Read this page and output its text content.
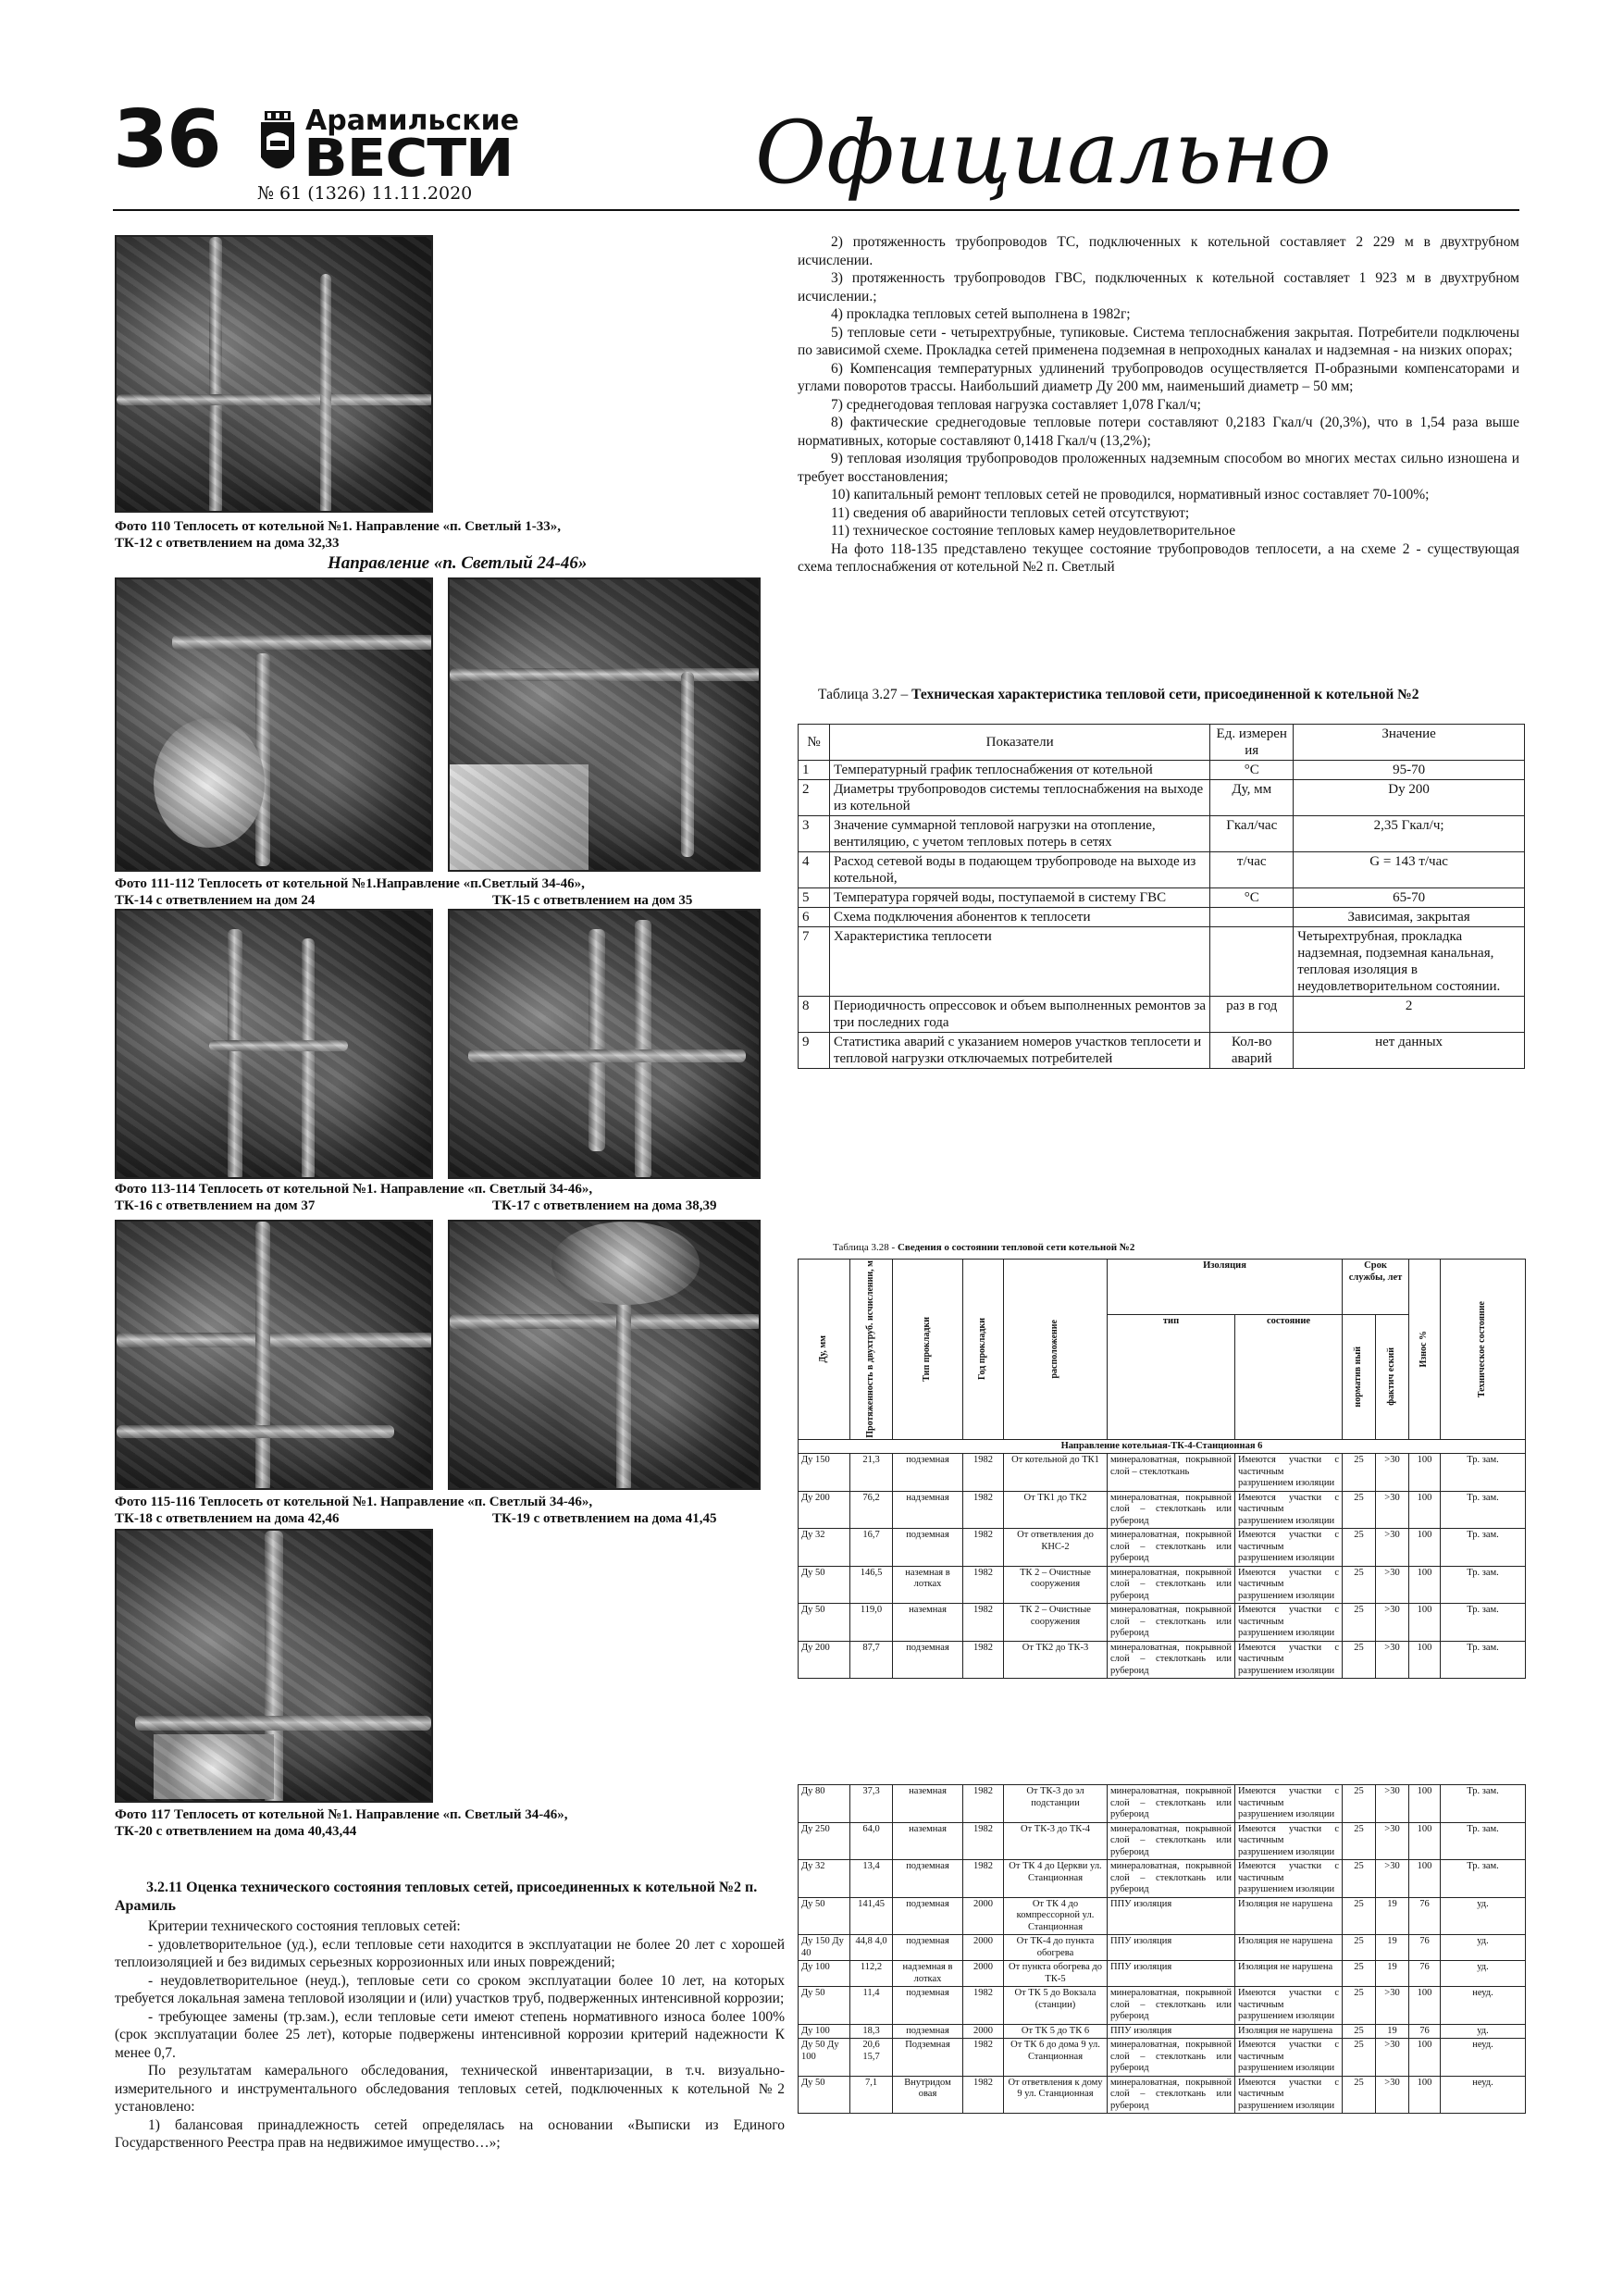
36	Арамильские
ВЕСТИ
№ 61 (1326) 11.11.2020	Официально
Фото 110 Теплосеть от котельной №1. Направление «п. Светлый 1-33»,
ТК-12 с ответвлением на дома 32,33
Направление «п. Светлый 24-46»
Фото 111-112 Теплосеть от котельной №1.Направление «п.Светлый 34-46»,
ТК-14 с ответвлением на дом 24	ТК-15 с ответвлением на дом 35
Фото 113-114 Теплосеть от котельной №1. Направление «п. Светлый 34-46»,
ТК-16 с ответвлением на дом 37	ТК-17 с ответвлением на дома 38,39
Фото 115-116 Теплосеть от котельной №1. Направление «п. Светлый 34-46»,
ТК-18 с ответвлением на дома 42,46	ТК-19 с ответвлением на дома 41,45
Фото 117 Теплосеть от котельной №1. Направление «п. Светлый 34-46»,
ТК-20 с ответвлением на дома 40,43,44
3.2.11 Оценка технического состояния тепловых сетей, присоединенных к котельной №2 п. Арамиль

Критерии технического состояния тепловых сетей:

- удовлетворительное (уд.), если тепловые сети находится в эксплуатации не более 20 лет с хорошей теплоизоляцией и без видимых серьезных коррозионных или иных повреждений;

- неудовлетворительное (неуд.), тепловые сети со сроком эксплуатации более 10 лет, на которых требуется локальная замена тепловой изоляции и (или) участков труб, подверженных интенсивной коррозии;

- требующее замены (тр.зам.), если тепловые сети имеют степень нормативного износа более 100% (срок эксплуатации более 25 лет), которые подвержены интенсивной коррозии критерий надежности К менее 0,7.

По результатам камерального обследования, технической инвентаризации, в т.ч. визуально-измерительного и инструментального обследования тепловых сетей, подключенных к котельной №2 установлено:

1) балансовая принадлежность сетей определялась на основании «Выписки из Единого Государственного Реестра прав на недвижимое имущество…»;

2) протяженность трубопроводов ТС, подключенных к котельной составляет 2 229 м в двухтрубном исчислении.

3) протяженность трубопроводов ГВС, подключенных к котельной составляет 1 923 м в двухтрубном исчислении.;

4) прокладка тепловых сетей выполнена в 1982г;

5) тепловые сети - четырехтрубные, тупиковые. Система теплоснабжения закрытая. Потребители подключены по зависимой схеме. Прокладка сетей применена подземная в непроходных каналах и надземная - на низких опорах;

6) Компенсация температурных удлинений трубопроводов осуществляется П-образными компенсаторами и углами поворотов трассы. Наибольший диаметр Ду 200 мм, наименьший диаметр – 50 мм;

7) среднегодовая тепловая нагрузка составляет 1,078 Гкал/ч;

8) фактические среднегодовые тепловые потери составляют 0,2183 Гкал/ч (20,3%), что в 1,54 раза выше нормативных, которые составляют 0,1418 Гкал/ч (13,2%);

9) тепловая изоляция трубопроводов проложенных надземным способом во многих местах сильно изношена и требует восстановления;

10) капитальный ремонт тепловых сетей не проводился, нормативный износ составляет 70-100%;

11) сведения об аварийности тепловых сетей отсутствуют;

11) техническое состояние тепловых камер неудовлетворительное

На фото 118-135 представлено текущее состояние трубопроводов теплосети, а на схеме 2 - существующая схема теплоснабжения от котельной №2 п. Светлый

Таблица 3.27 – Техническая характеристика тепловой сети, присоединенной к котельной №2
№	Показатели	Ед. измерен ия	Значение
1	Температурный график теплоснабжения от котельной	°С	95-70
2	Диаметры трубопроводов системы теплоснабжения на выходе из котельной	Ду, мм	Dy 200
3	Значение суммарной тепловой нагрузки на отопление, вентиляцию, с учетом тепловых потерь в сетях	Гкал/час	2,35 Гкал/ч;
4	Расход сетевой воды в подающем трубопроводе на выходе из котельной,	т/час	G = 143 т/час
5	Температура горячей воды, поступаемой в систему ГВС	°С	65-70
6	Схема подключения абонентов к теплосети		Зависимая, закрытая
7	Характеристика теплосети		Четырехтрубная, прокладка надземная, подземная канальная, тепловая изоляция в неудовлетворительном состоянии.
8	Периодичность опрессовок и объем выполненных ремонтов за три последних года	раз в год	2
9	Статистика аварий с указанием номеров участков теплосети и тепловой нагрузки отключаемых потребителей	Кол-во аварий	нет данных
Таблица 3.28 - Сведения о состоянии тепловой сети котельной №2
Ду, мм	Протяженность в двухтруб. исчислении, м	Тип прокладки	Год прокладки	расположение	Изоляция		Срок службы, лет		Износ %	Техническое состояние

					тип	состояние	норматив ный	фактич еский		

Направление котельная-ТК-4-Станционная 6										
Ду 150	21,3	подземная	1982	От котельной до ТК1	минераловатная, покрывной слой – стеклоткань	Имеются участки с частичным разрушением изоляции	25	>30	100	Тр. зам.
Ду 200	76,2	надземная	1982	От ТК1 до ТК2	минераловатная, покрывной слой – стеклоткань или рубероид	Имеются участки с частичным разрушением изоляции	25	>30	100	Тр. зам.
Ду 32	16,7	подземная	1982	От ответвления до КНС-2	минераловатная, покрывной слой – стеклоткань или рубероид	Имеются участки с частичным разрушением изоляции	25	>30	100	Тр. зам.
Ду 50	146,5	наземная в лотках	1982	ТК 2 – Очистные сооружения	минераловатная, покрывной слой – стеклоткань или рубероид	Имеются участки с частичным разрушением изоляции	25	>30	100	Тр. зам.
Ду 50	119,0	наземная	1982	ТК 2 – Очистные сооружения	минераловатная, покрывной слой – стеклоткань или рубероид	Имеются участки с частичным разрушением изоляции	25	>30	100	Тр. зам.
Ду 200	87,7	подземная	1982	От ТК2 до ТК-3	минераловатная, покрывной слой – стеклоткань или рубероид	Имеются участки с частичным разрушением изоляции	25	>30	100	Тр. зам.
Ду 80	37,3	наземная	1982	От ТК-3 до эл подстанции	минераловатная, покрывной слой – стеклоткань или рубероид	Имеются участки с частичным разрушением изоляции	25	>30	100	Тр. зам.
Ду 250	64,0	наземная	1982	От ТК-3 до ТК-4	минераловатная, покрывной слой – стеклоткань или рубероид	Имеются участки с частичным разрушением изоляции	25	>30	100	Тр. зам.
Ду 32	13,4	подземная	1982	От ТК 4 до Церкви ул. Станционная	минераловатная, покрывной слой – стеклоткань или рубероид	Имеются участки с частичным разрушением изоляции	25	>30	100	Тр. зам.
Ду 50	141,45	подземная	2000	От ТК 4 до компрессорной ул. Станционная	ППУ изоляция	Изоляция не нарушена	25	19	76	уд.
Ду 150 Ду 40	44,8 4,0	подземная	2000	От ТК-4 до пункта обогрева	ППУ изоляция	Изоляция не нарушена	25	19	76	уд.
Ду 100	112,2	надземная в лотках	2000	От пункта обогрева до ТК-5	ППУ изоляция	Изоляция не нарушена	25	19	76	уд.
Ду 50	11,4	подземная	1982	От ТК 5 до Вокзала (станции)	минераловатная, покрывной слой – стеклоткань или рубероид	Имеются участки с частичным разрушением изоляции	25	>30	100	неуд.
Ду 100	18,3	подземная	2000	От ТК 5 до ТК 6	ППУ изоляция	Изоляция не нарушена	25	19	76	уд.
Ду 50 Ду 100	20,6 15,7	Подземная	1982	От ТК 6 до дома 9 ул. Станционная	минераловатная, покрывной слой – стеклоткань или рубероид	Имеются участки с частичным разрушением изоляции	25	>30	100	неуд.
Ду 50	7,1	Внутридом овая	1982	От ответвления к дому 9 ул. Станционная	минераловатная, покрывной слой – стеклоткань или рубероид	Имеются участки с частичным разрушением изоляции	25	>30	100	неуд.
